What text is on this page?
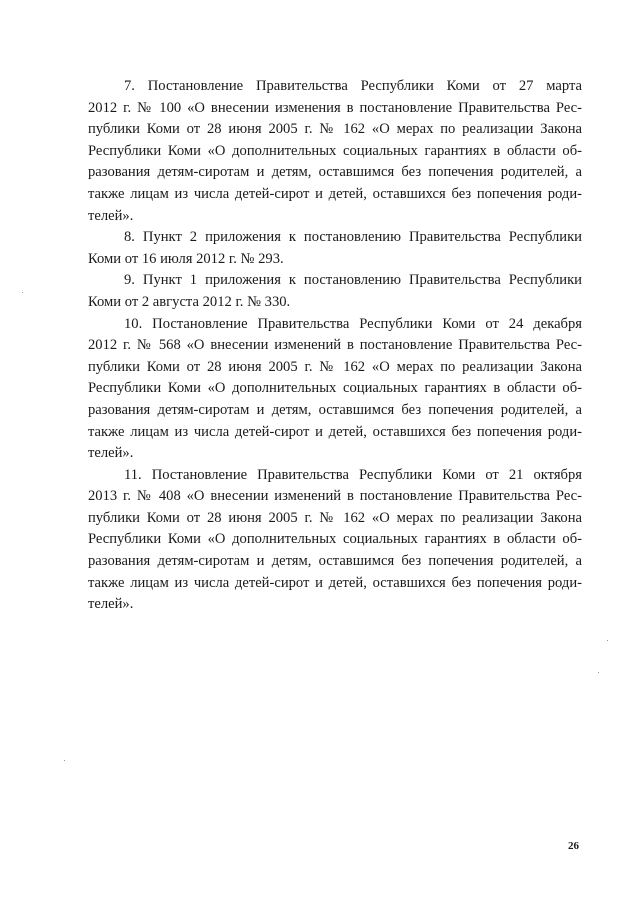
7. Постановление Правительства Республики Коми от 27 марта
2012 г. № 100 «О внесении изменения в постановление Правительства Рес-
публики Коми от 28 июня 2005 г. № 162 «О мерах по реализации Закона
Республики Коми «О дополнительных социальных гарантиях в области об-
разования детям-сиротам и детям, оставшимся без попечения родителей, а
также лицам из числа детей-сирот и детей, оставшихся без попечения роди-
телей».
8. Пункт 2 приложения к постановлению Правительства Республики
Коми от 16 июля 2012 г. № 293.
9. Пункт 1 приложения к постановлению Правительства Республики
Коми от 2 августа 2012 г. № 330.
10. Постановление Правительства Республики Коми от 24 декабря
2012 г. № 568 «О внесении изменений в постановление Правительства Рес-
публики Коми от 28 июня 2005 г. № 162 «О мерах по реализации Закона
Республики Коми «О дополнительных социальных гарантиях в области об-
разования детям-сиротам и детям, оставшимся без попечения родителей, а
также лицам из числа детей-сирот и детей, оставшихся без попечения роди-
телей».
11. Постановление Правительства Республики Коми от 21 октября
2013 г. № 408 «О внесении изменений в постановление Правительства Рес-
публики Коми от 28 июня 2005 г. № 162 «О мерах по реализации Закона
Республики Коми «О дополнительных социальных гарантиях в области об-
разования детям-сиротам и детям, оставшимся без попечения родителей, а
также лицам из числа детей-сирот и детей, оставшихся без попечения роди-
телей».
26
